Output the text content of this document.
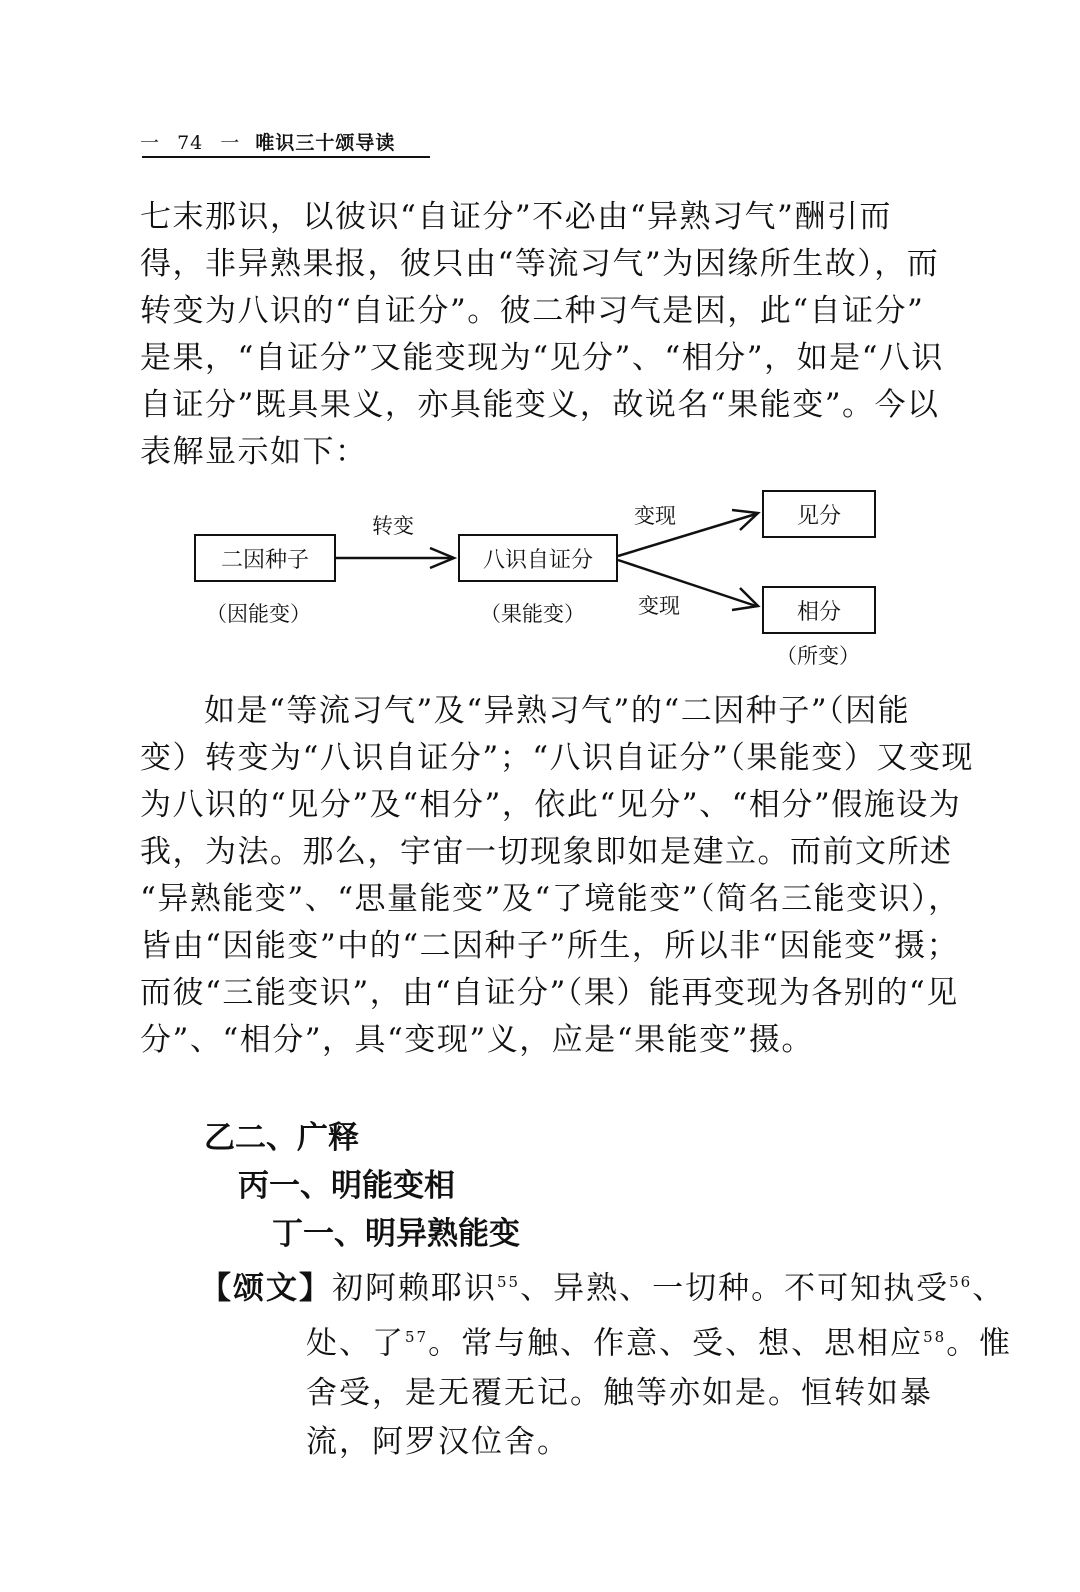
一 74 一 唯识三十颂导读
七末那识，以彼识“自证分”不必由“异熟习气”酬引而
得，非异熟果报，彼只由“等流习气”为因缘所生故），而
转变为八识的“自证分”。彼二种习气是因，此“自证分”
是果，“自证分”又能变现为“见分”、“相分”，如是“八识
自证分”既具果义，亦具能变义，故说名“果能变”。今以
表解显示如下：
二因种子	八识自证分
见分
相分
转变	变现
变现
（因能变）	（果能变）
（所变）
如是“等流习气”及“异熟习气”的“二因种子”（因能
变）转变为“八识自证分”；“八识自证分”（果能变）又变现
为八识的“见分”及“相分”，依此“见分”、“相分”假施设为
我，为法。那么，宇宙一切现象即如是建立。而前文所述
“异熟能变”、“思量能变”及“了境能变”（简名三能变识），
皆由“因能变”中的“二因种子”所生，所以非“因能变”摄；
而彼“三能变识”，由“自证分”（果）能再变现为各别的“见
分”、“相分”，具“变现”义，应是“果能变”摄。
乙二、广释
丙一、明能变相
丁一、明异熟能变
【颂文】初阿赖耶识$^{55}$、异熟、一切种。不可知执受$^{56}$、
处、了$^{57}$。常与触、作意、受、想、思相应$^{58}$。惟
舍受，是无覆无记。触等亦如是。恒转如暴
流，阿罗汉位舍。
